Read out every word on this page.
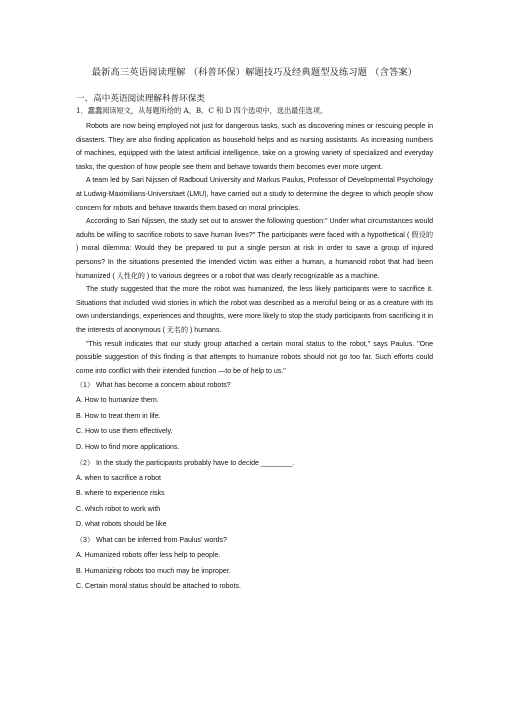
最新高三英语阅读理解 （科普环保）解题技巧及经典题型及练习题 （含答案）

一、高中英语阅读理解科普环保类

1．蠢蠢阅读短文，从每题所给的 A、B、C 和 D 四个选项中，选出最佳选项。

Robots are now being employed not just for dangerous tasks, such as discovering mines or rescuing people in disasters. They are also finding application as household helps and as nursing assistants. As increasing numbers of machines, equipped with the latest artificial intelligence, take on a growing variety of specialized and everyday tasks, the question of how people see them and behave towards them becomes ever more urgent.

A team led by Sari Nijssen of Radboud University and Markus Paulus, Professor of Developmental Psychology at Ludwig-Maximilians-Universitaet (LMU), have carried out a study to determine the degree to which people show concern for robots and behave towards them based on moral principles.

According to Sari Nijssen, the study set out to answer the following question:" Under what circumstances would adults be willing to sacrifice robots to save human lives?" The participants were faced with a hypothetical ( 假设的 ) moral dilemma: Would they be prepared to put a single person at risk in order to save a group of injured persons? In the situations presented the intended victim was either a human, a humanoid robot that had been humanized ( 人性化的 ) to various degrees or a robot that was clearly recognizable as a machine.

The study suggested that the more the robot was humanized, the less likely participants were to sacrifice it. Situations that included vivid stories in which the robot was described as a merciful being or as a creature with its own understandings, experiences and thoughts, were more likely to stop the study participants from sacrificing it in the interests of anonymous ( 无名的 ) humans.

"This result indicates that our study group attached a certain moral status to the robot," says Paulus. "One possible suggestion of this finding is that attempts to humanize robots should not go too far. Such efforts could come into conflict with their intended function —to be of help to us."

（1） What has become a concern about robots?

A. How to humanize them.

B. How to treat them in life.

C. How to use them effectively.

D. How to find more applications.

（2） In the study the participants probably have to decide ________.

A. when to sacrifice a robot

B. where to experience risks

C. which robot to work with

D. what robots should be like

（3） What can be inferred from Paulus' words?

A. Humanized robots offer less help to people.

B. Humanizing robots too much may be improper.

C. Certain moral status should be attached to robots.
